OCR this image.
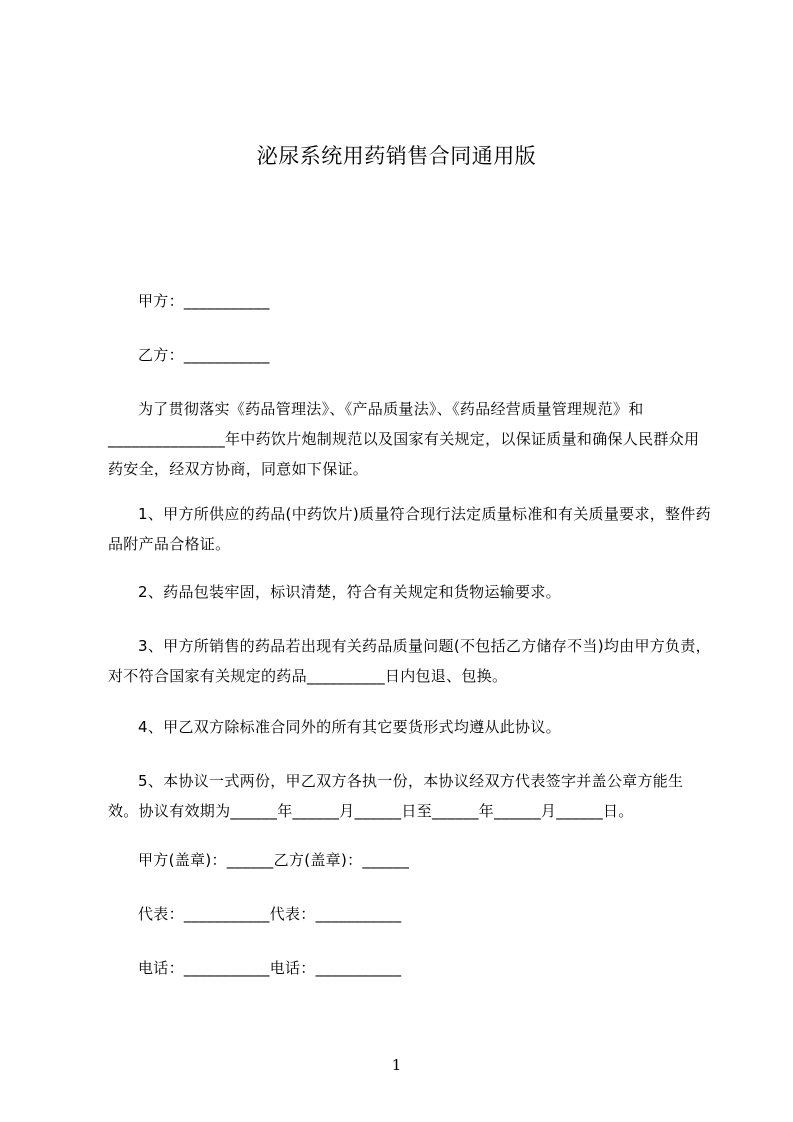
泌尿系统用药销售合同通用版
甲方：___________
乙方：___________
为了贯彻落实《药品管理法》、《产品质量法》、《药品经营质量管理规范》和_______________年中药饮片炮制规范以及国家有关规定，以保证质量和确保人民群众用药安全，经双方协商，同意如下保证。
1、甲方所供应的药品(中药饮片)质量符合现行法定质量标准和有关质量要求，整件药品附产品合格证。
2、药品包装牢固，标识清楚，符合有关规定和货物运输要求。
3、甲方所销售的药品若出现有关药品质量问题(不包括乙方储存不当)均由甲方负责，对不符合国家有关规定的药品__________日内包退、包换。
4、甲乙双方除标准合同外的所有其它要货形式均遵从此协议。
5、本协议一式两份，甲乙双方各执一份，本协议经双方代表签字并盖公章方能生效。协议有效期为______年______月______日至______年______月______日。
甲方(盖章)：______乙方(盖章)：______
代表：___________代表：___________
电话：___________电话：___________
1
